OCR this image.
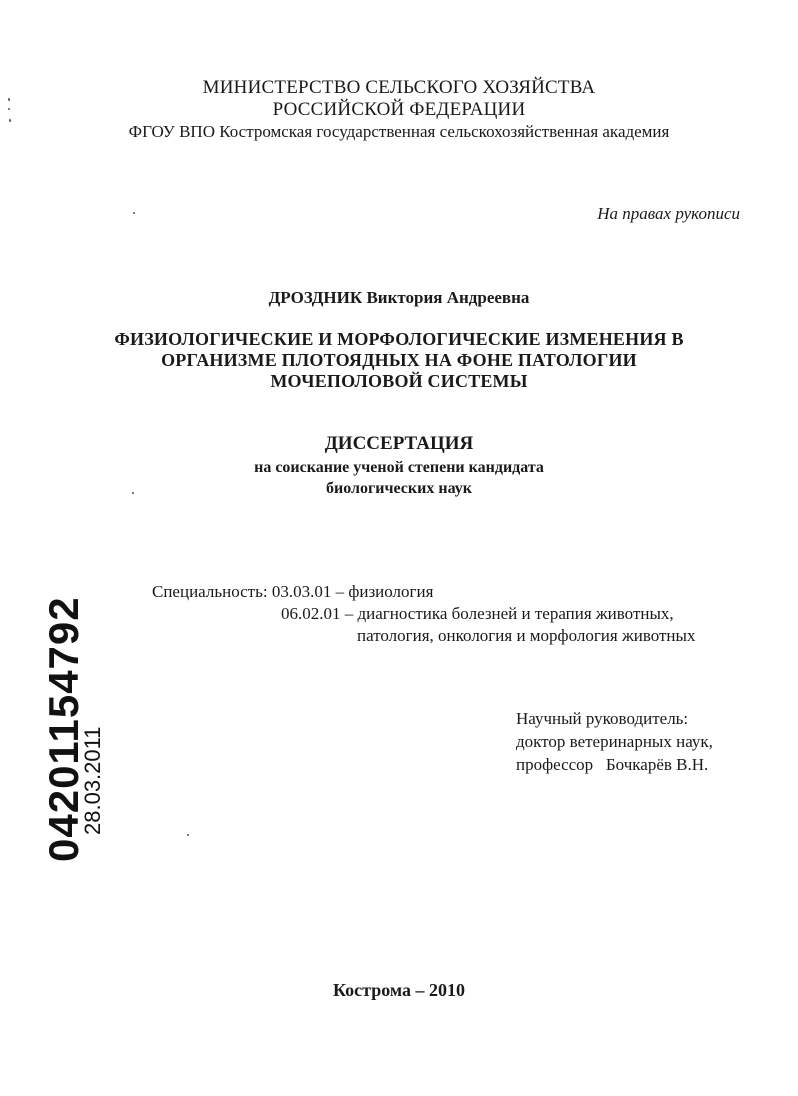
МИНИСТЕРСТВО СЕЛЬСКОГО ХОЗЯЙСТВА
РОССИЙСКОЙ ФЕДЕРАЦИИ
ФГОУ ВПО Костромская государственная сельскохозяйственная академия
На правах рукописи
ДРОЗДНИК Виктория Андреевна
ФИЗИОЛОГИЧЕСКИЕ И МОРФОЛОГИЧЕСКИЕ ИЗМЕНЕНИЯ В
ОРГАНИЗМЕ ПЛОТОЯДНЫХ НА ФОНЕ ПАТОЛОГИИ
МОЧЕПОЛОВОЙ СИСТЕМЫ
ДИССЕРТАЦИЯ
на соискание ученой степени кандидата
биологических наук
Специальность: 03.03.01 – физиология
06.02.01 – диагностика болезней и терапия животных,
патология, онкология и морфология животных
Научный руководитель:
доктор ветеринарных наук,
профессор   Бочкарёв В.Н.
Кострома – 2010
04201154792
28.03.2011
